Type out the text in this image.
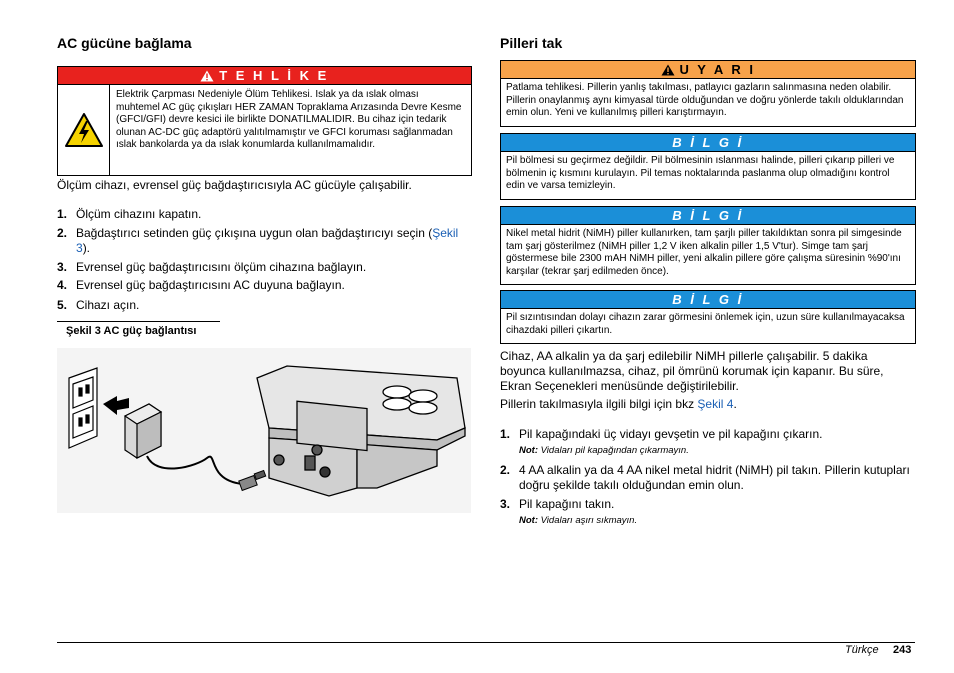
AC gücüne bağlama
T E H L İ K E
Elektrik Çarpması Nedeniyle Ölüm Tehlikesi. Islak ya da ıslak olması muhtemel AC güç çıkışları HER ZAMAN Topraklama Arızasında Devre Kesme (GFCI/GFI) devre kesici ile birlikte DONATILMALIDIR. Bu cihaz için tedarik olunan AC-DC güç adaptörü yalıtılmamıştır ve GFCI koruması sağlanmadan ıslak bankolarda ya da ıslak konumlarda kullanılmamalıdır.
Ölçüm cihazı, evrensel güç bağdaştırıcısıyla AC gücüyle çalışabilir.
1. Ölçüm cihazını kapatın.
2. Bağdaştırıcı setinden güç çıkışına uygun olan bağdaştırıcıyı seçin (Şekil 3).
3. Evrensel güç bağdaştırıcısını ölçüm cihazına bağlayın.
4. Evrensel güç bağdaştırıcısını AC duyuna bağlayın.
5. Cihazı açın.
Şekil 3 AC güç bağlantısı
Pilleri tak
U Y A R I
Patlama tehlikesi. Pillerin yanlış takılması, patlayıcı gazların salınmasına neden olabilir. Pillerin onaylanmış aynı kimyasal türde olduğundan ve doğru yönlerde takılı olduklarından emin olun. Yeni ve kullanılmış pilleri karıştırmayın.
B İ L G İ
Pil bölmesi su geçirmez değildir. Pil bölmesinin ıslanması halinde, pilleri çıkarıp pilleri ve bölmenin iç kısmını kurulayın. Pil temas noktalarında paslanma olup olmadığını kontrol edin ve varsa temizleyin.
B İ L G İ
Nikel metal hidrit (NiMH) piller kullanırken, tam şarjlı piller takıldıktan sonra pil simgesinde tam şarj gösterilmez (NiMH piller 1,2 V iken alkalin piller 1,5 V'tur). Simge tam şarj göstermese bile 2300 mAH NiMH piller, yeni alkalin pillere göre çalışma süresinin %90'ını karşılar (tekrar şarj edilmeden önce).
B İ L G İ
Pil sızıntısından dolayı cihazın zarar görmesini önlemek için, uzun süre kullanılmayacaksa cihazdaki pilleri çıkartın.
Cihaz, AA alkalin ya da şarj edilebilir NiMH pillerle çalışabilir. 5 dakika boyunca kullanılmazsa, cihaz, pil ömrünü korumak için kapanır. Bu süre, Ekran Seçenekleri menüsünde değiştirilebilir.
Pillerin takılmasıyla ilgili bilgi için bkz Şekil 4.
1. Pil kapağındaki üç vidayı gevşetin ve pil kapağını çıkarın.
Not: Vidaları pil kapağından çıkarmayın.
2. 4 AA alkalin ya da 4 AA nikel metal hidrit (NiMH) pil takın. Pillerin kutupları doğru şekilde takılı olduğundan emin olun.
3. Pil kapağını takın.
Not: Vidaları aşırı sıkmayın.
Türkçe 243
